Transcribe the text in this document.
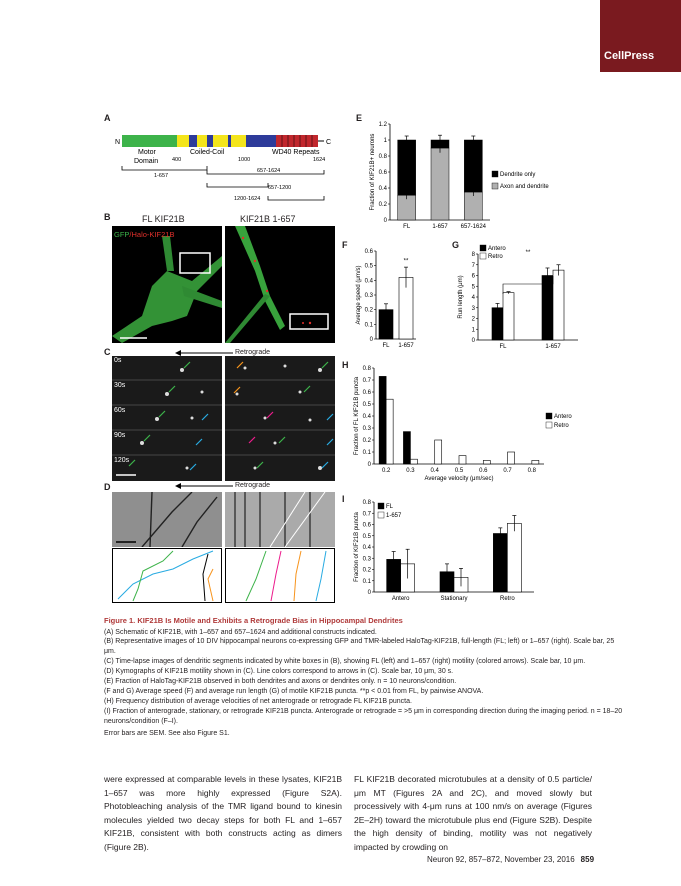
CellPress
A
B
C
D
E
F	G
H
I
N	C
Motor
Domain
Coiled-Coil	WD40 Repeats
400	1000	1624
1-657
657-1624
657-1200
1200-1624
FL KIF21B	KIF21B 1-657
GFP/Halo-KIF21B
Retrograde
0s
30s
60s
90s
120s
Retrograde
0
0.2
0.4
0.6
0.8
1
1.2
Fraction of KIF21B+ neurons
FL	1-657 657-1624
Dendrite only
Axon and dendrite
0
0.1
0.2
0.3
0.4
0.5
0.6
Average speed (μm/s)
FL 1-657
**
0
1
2
3
4
5
6
7
8
Run length (μm)
FL	1-657
Antero
Retro
**
0
0.1
0.2
0.3
0.4
0.5
0.6
0.7
0.8
Fraction of FL KIF21B puncta
0.2	0.3	0.4	0.5	0.6	0.7	0.8
Average velocity (μm/sec)
Antero
Retro
0
0.1
0.2
0.3
0.4
0.5
0.6
0.7
0.8
Fraction of KIF21B puncta
Antero	Stationary	Retro
FL
1-657
Figure 1. KIF21B Is Motile and Exhibits a Retrograde Bias in Hippocampal Dendrites
(A) Schematic of KIF21B, with 1–657 and 657–1624 and additional constructs indicated.
(B) Representative images of 10 DIV hippocampal neurons co-expressing GFP and TMR-labeled HaloTag-KIF21B, full-length (FL; left) or 1–657 (right). Scale bar, 25 μm.
(C) Time-lapse images of dendritic segments indicated by white boxes in (B), showing FL (left) and 1–657 (right) motility (colored arrows). Scale bar, 10 μm.
(D) Kymographs of KIF21B motility shown in (C). Line colors correspond to arrows in (C). Scale bar, 10 μm, 30 s.
(E) Fraction of HaloTag-KIF21B observed in both dendrites and axons or dendrites only. n = 10 neurons/condition.
(F and G) Average speed (F) and average run length (G) of motile KIF21B puncta. **p < 0.01 from FL, by pairwise ANOVA.
(H) Frequency distribution of average velocities of net anterograde or retrograde FL KIF21B puncta.
(I) Fraction of anterograde, stationary, or retrograde KIF21B puncta. Anterograde or retrograde = >5 μm in corresponding direction during the imaging period. n = 18–20 neurons/condition (F–I).
Error bars are SEM. See also Figure S1.
were expressed at comparable levels in these lysates, KIF21B 1–657 was more highly expressed (Figure S2A). Photobleaching analysis of the TMR ligand bound to kinesin molecules yielded two decay steps for both FL and 1–657 KIF21B, consistent with both constructs acting as dimers (Figure 2B).
FL KIF21B decorated microtubules at a density of 0.5 particle/μm MT (Figures 2A and 2C), and moved slowly but processively with 4-μm runs at 100 nm/s on average (Figures 2E–2H) toward the microtubule plus end (Figure S2B). Despite the high density of binding, motility was not negatively impacted by crowding on
Neuron 92, 857–872, November 23, 2016 859
